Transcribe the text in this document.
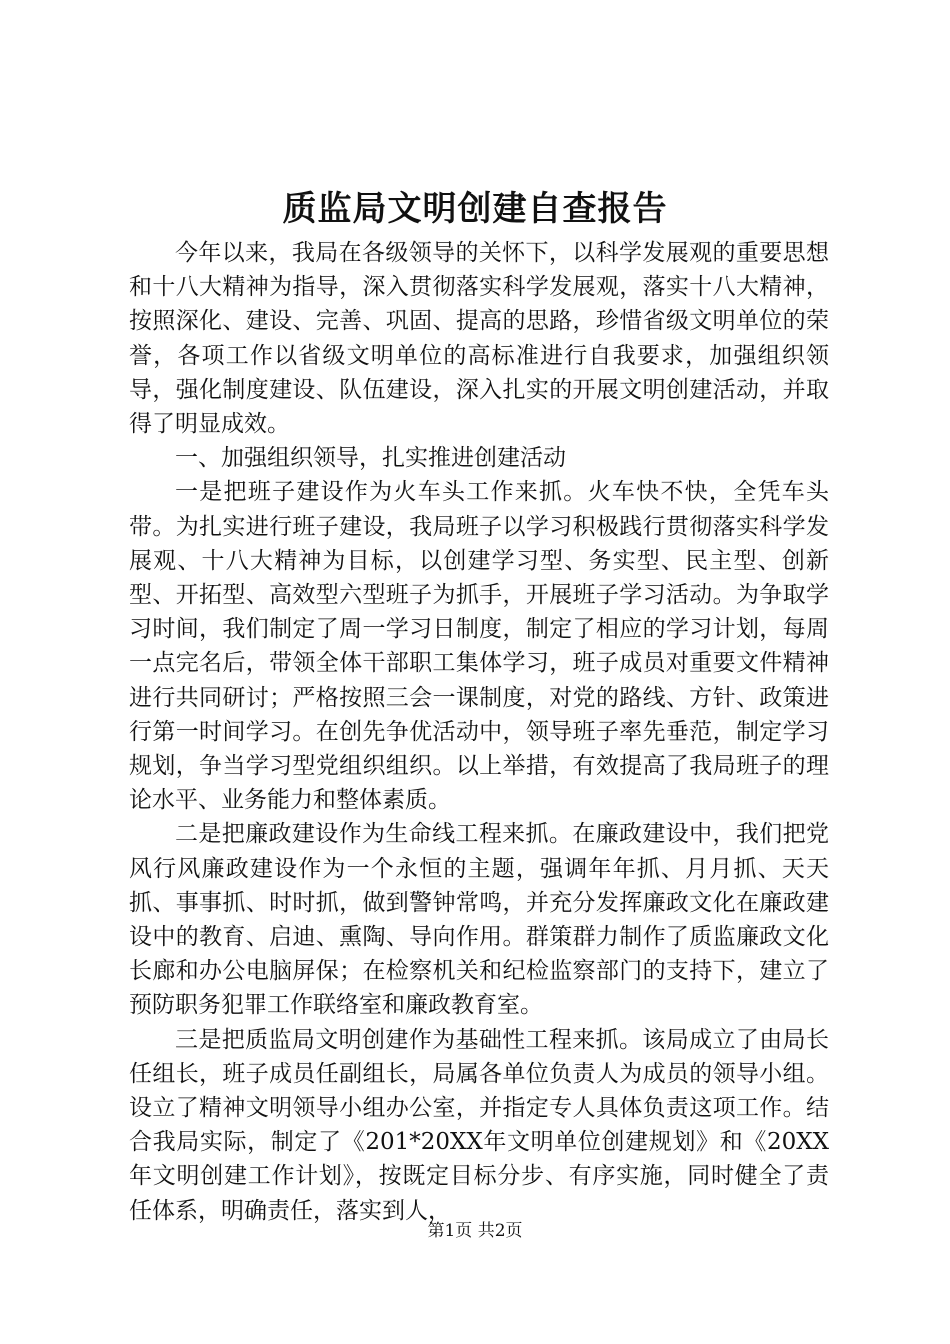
质监局文明创建自查报告

今年以来，我局在各级领导的关怀下，以科学发展观的重要思想和十八大精神为指导，深入贯彻落实科学发展观，落实十八大精神，按照深化、建设、完善、巩固、提高的思路，珍惜省级文明单位的荣誉，各项工作以省级文明单位的高标准进行自我要求，加强组织领导，强化制度建设、队伍建设，深入扎实的开展文明创建活动，并取得了明显成效。

一、加强组织领导，扎实推进创建活动

一是把班子建设作为火车头工作来抓。火车快不快，全凭车头带。为扎实进行班子建设，我局班子以学习积极践行贯彻落实科学发展观、十八大精神为目标，以创建学习型、务实型、民主型、创新型、开拓型、高效型六型班子为抓手，开展班子学习活动。为争取学习时间，我们制定了周一学习日制度，制定了相应的学习计划，每周一点完名后，带领全体干部职工集体学习，班子成员对重要文件精神进行共同研讨；严格按照三会一课制度，对党的路线、方针、政策进行第一时间学习。在创先争优活动中，领导班子率先垂范，制定学习规划，争当学习型党组织组织。以上举措，有效提高了我局班子的理论水平、业务能力和整体素质。

二是把廉政建设作为生命线工程来抓。在廉政建设中，我们把党风行风廉政建设作为一个永恒的主题，强调年年抓、月月抓、天天抓、事事抓、时时抓，做到警钟常鸣，并充分发挥廉政文化在廉政建设中的教育、启迪、熏陶、导向作用。群策群力制作了质监廉政文化长廊和办公电脑屏保；在检察机关和纪检监察部门的支持下，建立了预防职务犯罪工作联络室和廉政教育室。

三是把质监局文明创建作为基础性工程来抓。该局成立了由局长任组长，班子成员任副组长，局属各单位负责人为成员的领导小组。设立了精神文明领导小组办公室，并指定专人具体负责这项工作。结合我局实际，制定了《201*20XX年文明单位创建规划》和《20XX年文明创建工作计划》，按既定目标分步、有序实施，同时健全了责任体系，明确责任，落实到人，

第1页 共2页
